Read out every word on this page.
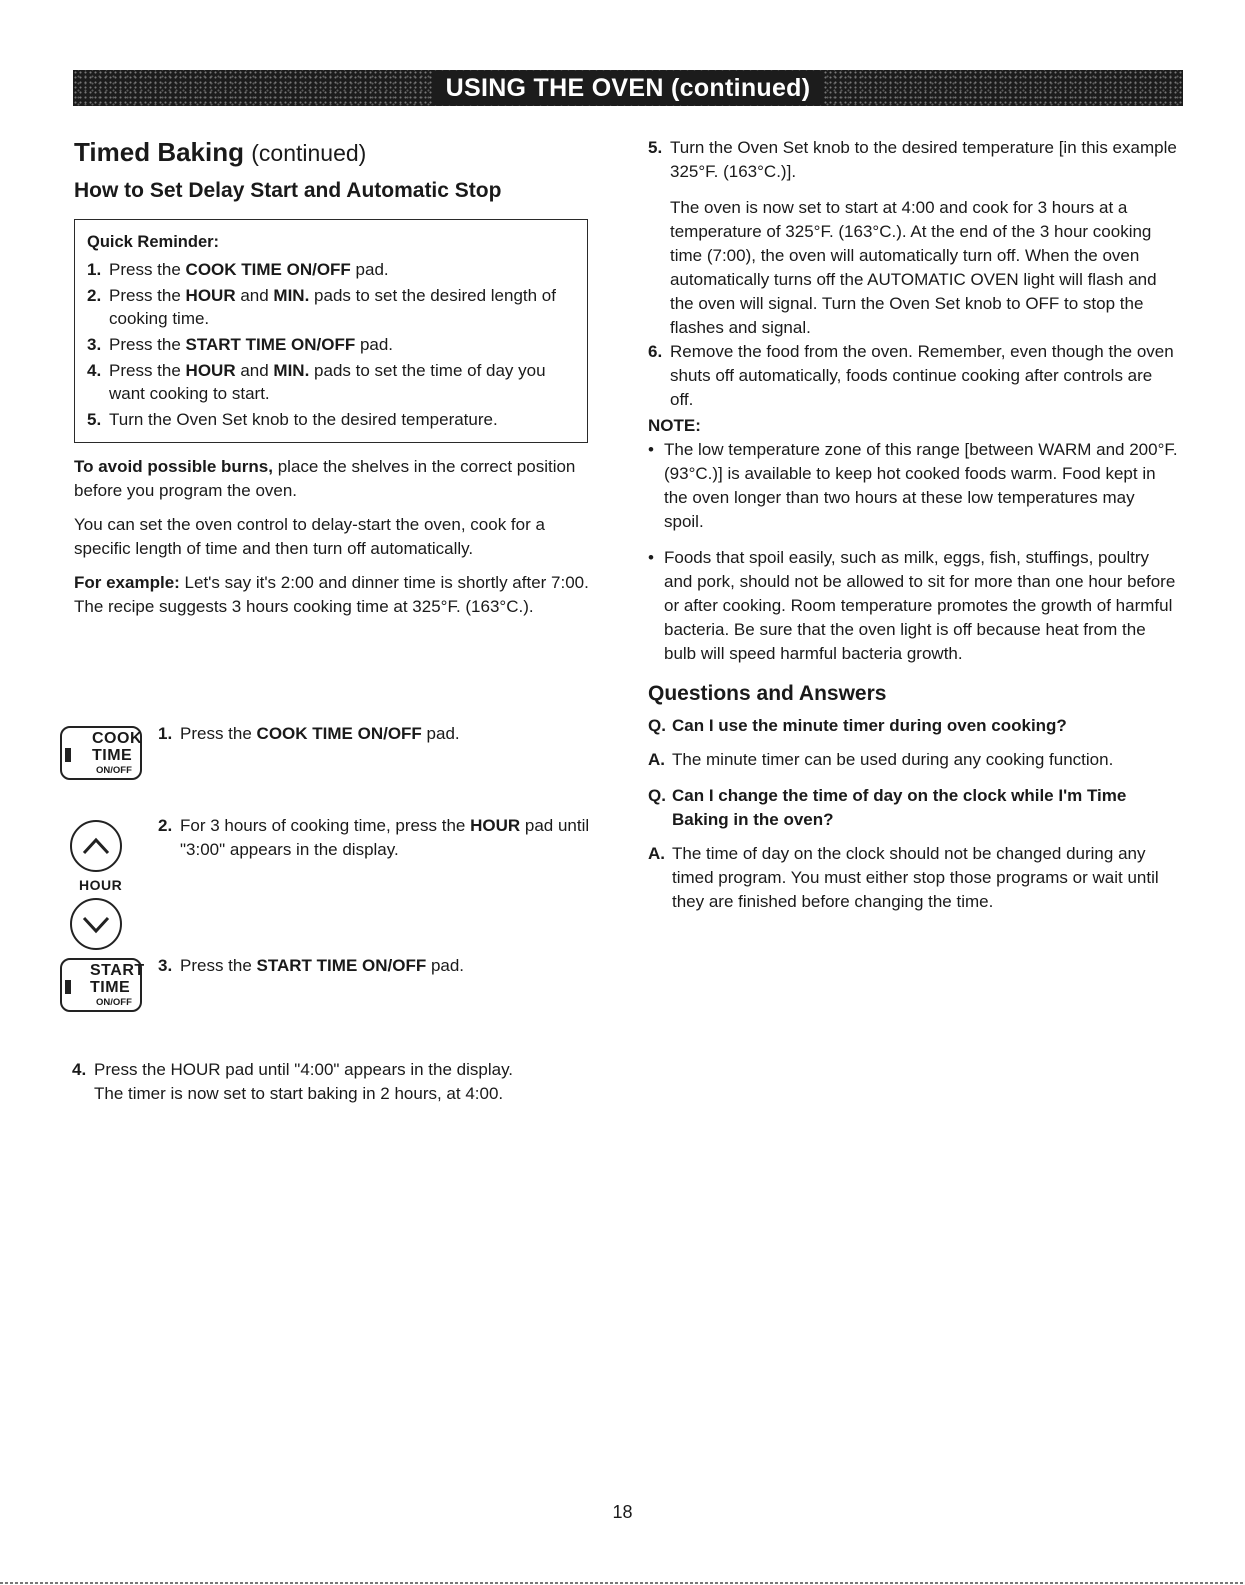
USING THE OVEN (continued)
Timed Baking (continued)
How to Set Delay Start and Automatic Stop
Quick Reminder:
1. Press the COOK TIME ON/OFF pad.
2. Press the HOUR and MIN. pads to set the desired length of cooking time.
3. Press the START TIME ON/OFF pad.
4. Press the HOUR and MIN. pads to set the time of day you want cooking to start.
5. Turn the Oven Set knob to the desired temperature.
To avoid possible burns, place the shelves in the correct position before you program the oven.
You can set the oven control to delay-start the oven, cook for a specific length of time and then turn off automatically.
For example: Let's say it's 2:00 and dinner time is shortly after 7:00. The recipe suggests 3 hours cooking time at 325°F. (163°C.).
COOK
TIME
ON/OFF
1. Press the COOK TIME ON/OFF pad.
HOUR
2. For 3 hours of cooking time, press the HOUR pad until "3:00" appears in the display.
START
TIME
ON/OFF
3. Press the START TIME ON/OFF pad.
4. Press the HOUR pad until "4:00" appears in the display. The timer is now set to start baking in 2 hours, at 4:00.
5. Turn the Oven Set knob to the desired temperature [in this example 325°F. (163°C.)].
The oven is now set to start at 4:00 and cook for 3 hours at a temperature of 325°F. (163°C.). At the end of the 3 hour cooking time (7:00), the oven will automatically turn off. When the oven automatically turns off the AUTOMATIC OVEN light will flash and the oven will signal. Turn the Oven Set knob to OFF to stop the flashes and signal.
6. Remove the food from the oven. Remember, even though the oven shuts off automatically, foods continue cooking after controls are off.
NOTE:
• The low temperature zone of this range [between WARM and 200°F. (93°C.)] is available to keep hot cooked foods warm. Food kept in the oven longer than two hours at these low temperatures may spoil.
• Foods that spoil easily, such as milk, eggs, fish, stuffings, poultry and pork, should not be allowed to sit for more than one hour before or after cooking. Room temperature promotes the growth of harmful bacteria. Be sure that the oven light is off because heat from the bulb will speed harmful bacteria growth.
Questions and Answers
Q. Can I use the minute timer during oven cooking?
A. The minute timer can be used during any cooking function.
Q. Can I change the time of day on the clock while I'm Time Baking in the oven?
A. The time of day on the clock should not be changed during any timed program. You must either stop those programs or wait until they are finished before changing the time.
18
